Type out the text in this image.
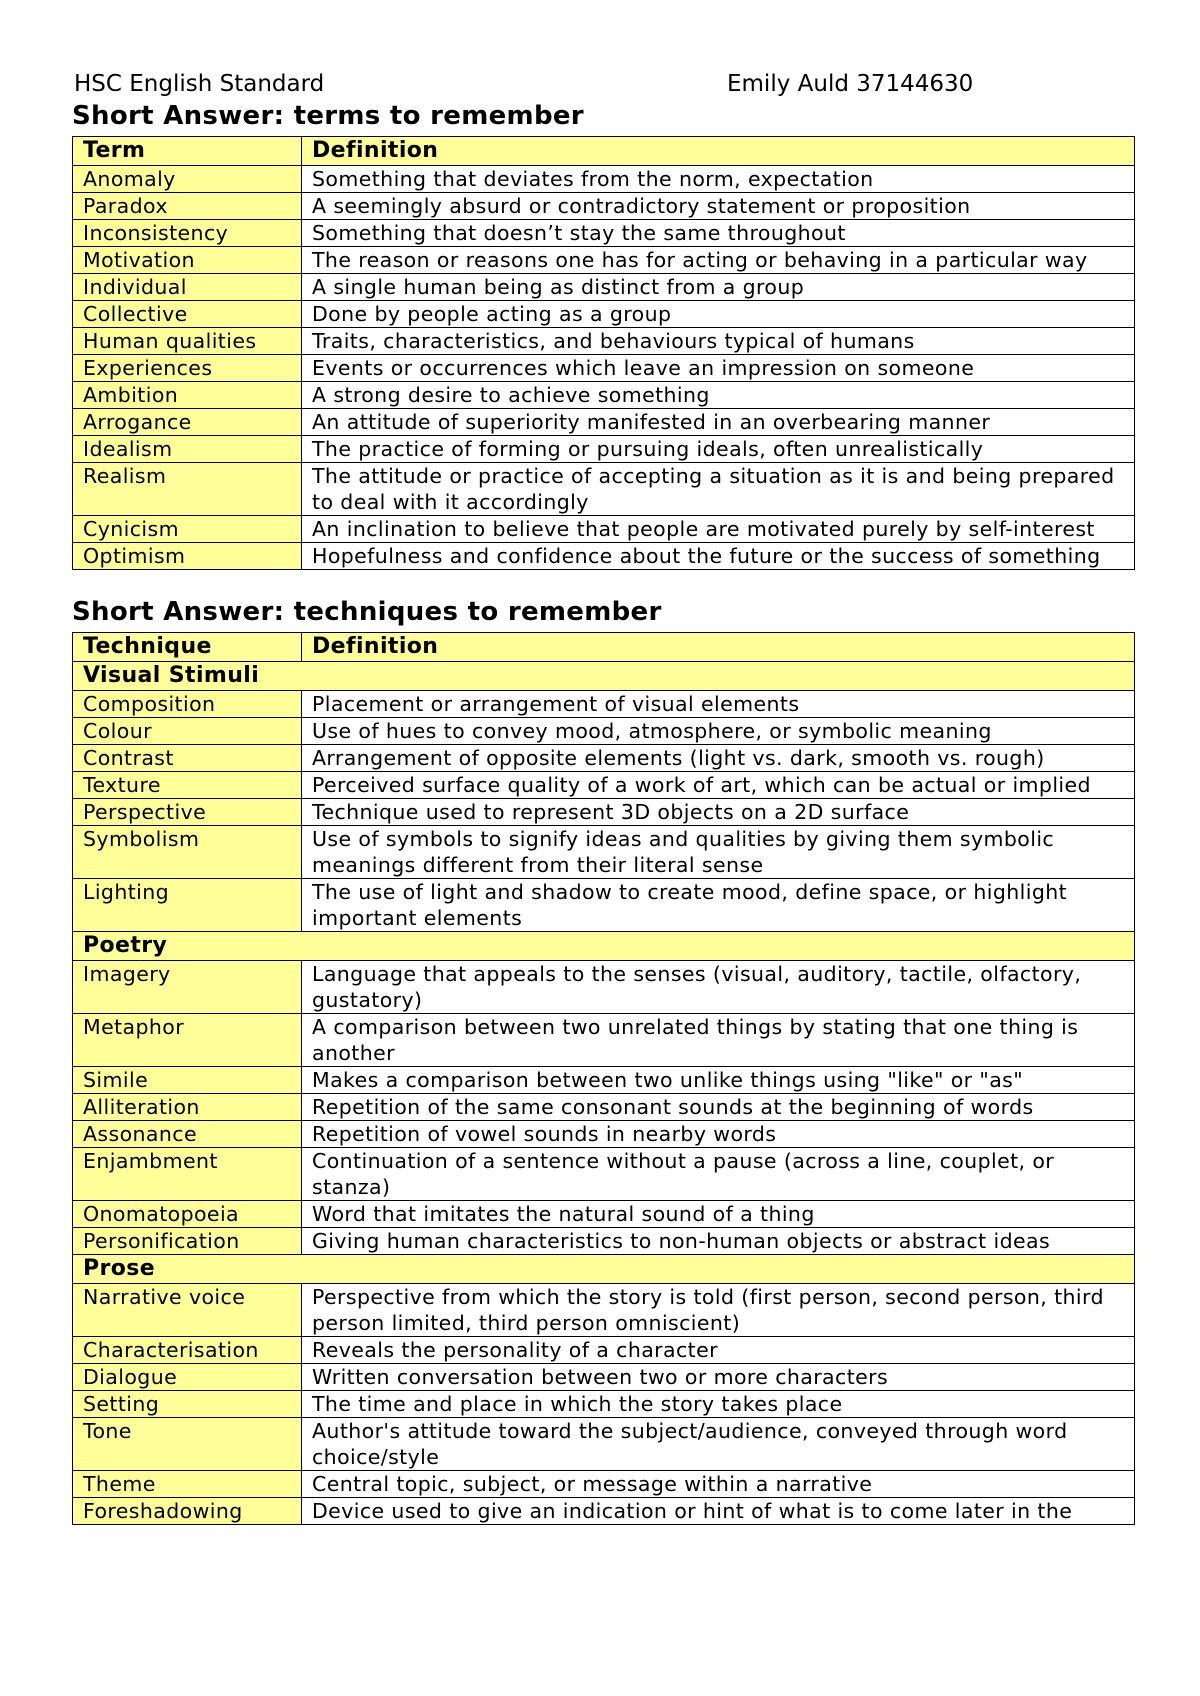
HSC English Standard	Emily Auld 37144630
Short Answer: terms to remember
Term	Definition
Anomaly	Something that deviates from the norm, expectation
Paradox	A seemingly absurd or contradictory statement or proposition
Inconsistency	Something that doesn’t stay the same throughout
Motivation	The reason or reasons one has for acting or behaving in a particular way
Individual	A single human being as distinct from a group
Collective	Done by people acting as a group
Human qualities	Traits, characteristics, and behaviours typical of humans
Experiences	Events or occurrences which leave an impression on someone
Ambition	A strong desire to achieve something
Arrogance	An attitude of superiority manifested in an overbearing manner
Idealism	The practice of forming or pursuing ideals, often unrealistically
Realism	The attitude or practice of accepting a situation as it is and being prepared to deal with it accordingly
Cynicism	An inclination to believe that people are motivated purely by self-interest
Optimism	Hopefulness and confidence about the future or the success of something
Short Answer: techniques to remember
Technique	Definition
Visual Stimuli	
Composition	Placement or arrangement of visual elements
Colour	Use of hues to convey mood, atmosphere, or symbolic meaning
Contrast	Arrangement of opposite elements (light vs. dark, smooth vs. rough)
Texture	Perceived surface quality of a work of art, which can be actual or implied
Perspective	Technique used to represent 3D objects on a 2D surface
Symbolism	Use of symbols to signify ideas and qualities by giving them symbolic meanings different from their literal sense
Lighting	The use of light and shadow to create mood, define space, or highlight important elements
Poetry	
Imagery	Language that appeals to the senses (visual, auditory, tactile, olfactory, gustatory)
Metaphor	A comparison between two unrelated things by stating that one thing is another
Simile	Makes a comparison between two unlike things using "like" or "as"
Alliteration	Repetition of the same consonant sounds at the beginning of words
Assonance	Repetition of vowel sounds in nearby words
Enjambment	Continuation of a sentence without a pause (across a line, couplet, or stanza)
Onomatopoeia	Word that imitates the natural sound of a thing
Personification	Giving human characteristics to non-human objects or abstract ideas
Prose	
Narrative voice	Perspective from which the story is told (first person, second person, third person limited, third person omniscient)
Characterisation	Reveals the personality of a character
Dialogue	Written conversation between two or more characters
Setting	The time and place in which the story takes place
Tone	Author's attitude toward the subject/audience, conveyed through word choice/style
Theme	Central topic, subject, or message within a narrative
Foreshadowing	Device used to give an indication or hint of what is to come later in the
